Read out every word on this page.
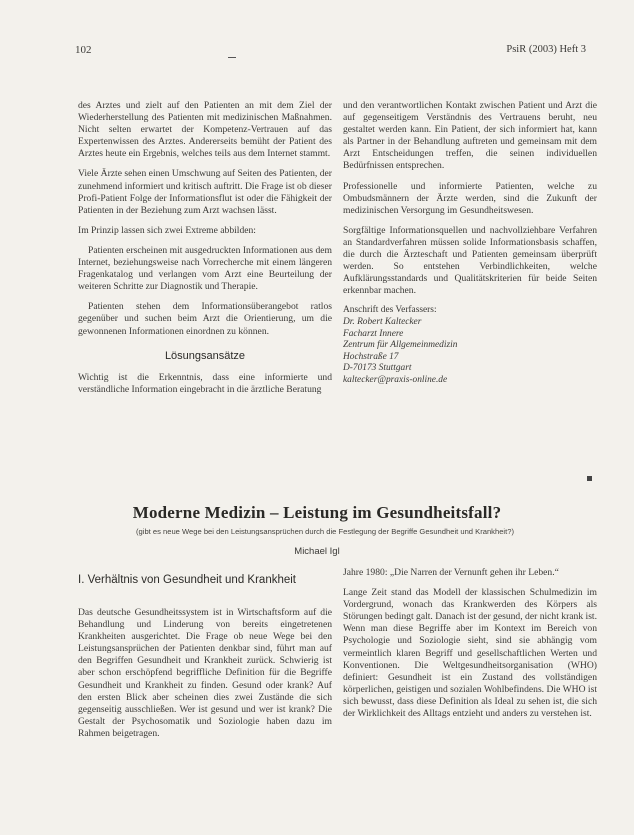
102	PsiR (2003) Heft 3

des Arztes und zielt auf den Patienten an mit dem Ziel der Wiederherstellung des Patienten mit medizinischen Maßnahmen. Nicht selten erwartet der Kompetenz-Vertrauen auf das Expertenwissen des Arztes. Andererseits bemüht der Patient des Arztes heute ein Ergebnis, welches teils aus dem Internet stammt.

Viele Ärzte sehen einen Umschwung auf Seiten des Patienten, der zunehmend informiert und kritisch auftritt. Die Frage ist ob dieser Profi-Patient Folge der Informationsflut ist oder die Fähigkeit der Patienten in der Beziehung zum Arzt wachsen lässt.

Im Prinzip lassen sich zwei Extreme abbilden:

Patienten erscheinen mit ausgedruckten Informationen aus dem Internet, beziehungsweise nach Vorrecherche mit einem längeren Fragenkatalog und verlangen vom Arzt eine Beurteilung der weiteren Schritte zur Diagnostik und Therapie.

Patienten stehen dem Informationsüberangebot ratlos gegenüber und suchen beim Arzt die Orientierung, um die gewonnenen Informationen einordnen zu können.

Lösungsansätze

Wichtig ist die Erkenntnis, dass eine informierte und verständliche Information eingebracht in die ärztliche Beratung

und den verantwortlichen Kontakt zwischen Patient und Arzt die auf gegenseitigem Verständnis des Vertrauens beruht, neu gestaltet werden kann. Ein Patient, der sich informiert hat, kann als Partner in der Behandlung auftreten und gemeinsam mit dem Arzt Entscheidungen treffen, die seinen individuellen Bedürfnissen entsprechen.

Professionelle und informierte Patienten, welche zu Ombudsmännern der Ärzte werden, sind die Zukunft der medizinischen Versorgung im Gesundheitswesen.

Sorgfältige Informationsquellen und nachvollziehbare Verfahren an Standardverfahren müssen solide Informationsbasis schaffen, die durch die Ärzteschaft und Patienten gemeinsam überprüft werden. So entstehen Verbindlichkeiten, welche Aufklärungsstandards und Qualitätskriterien für beide Seiten erkennbar machen.

Anschrift des Verfassers:
Dr. Robert Kaltecker
Facharzt Innere
Zentrum für Allgemeinmedizin
Hochstraße 17
D-70173 Stuttgart
kaltecker@praxis-online.de
Moderne Medizin – Leistung im Gesundheitsfall?
(gibt es neue Wege bei den Leistungsansprüchen durch die Festlegung der Begriffe Gesundheit und Krankheit?)
Michael Igl
I. Verhältnis von Gesundheit und Krankheit

Das deutsche Gesundheitssystem ist in Wirtschaftsform auf die Behandlung und Linderung von bereits eingetretenen Krankheiten ausgerichtet. Die Frage ob neue Wege bei den Leistungsansprüchen der Patienten denkbar sind, führt man auf den Begriffen Gesundheit und Krankheit zurück. Schwierig ist aber schon erschöpfend begriffliche Definition für die Begriffe Gesundheit und Krankheit zu finden. Gesund oder krank? Auf den ersten Blick aber scheinen dies zwei Zustände die sich gegenseitig ausschließen. Wer ist gesund und wer ist krank? Die Gestalt der Psychosomatik und Soziologie haben dazu im Rahmen beigetragen.

Jahre 1980: „Die Narren der Vernunft gehen ihr Leben.“

Lange Zeit stand das Modell der klassischen Schulmedizin im Vordergrund, wonach das Krankwerden des Körpers als Störungen bedingt galt. Danach ist der gesund, der nicht krank ist. Wenn man diese Begriffe aber im Kontext im Bereich von Psychologie und Soziologie sieht, sind sie abhängig vom vermeintlich klaren Begriff und gesellschaftlichen Werten und Konventionen. Die Weltgesundheitsorganisation (WHO) definiert: Gesundheit ist ein Zustand des vollständigen körperlichen, geistigen und sozialen Wohlbefindens. Die WHO ist sich bewusst, dass diese Definition als Ideal zu sehen ist, die sich der Wirklichkeit des Alltags entzieht und anders zu verstehen ist.
